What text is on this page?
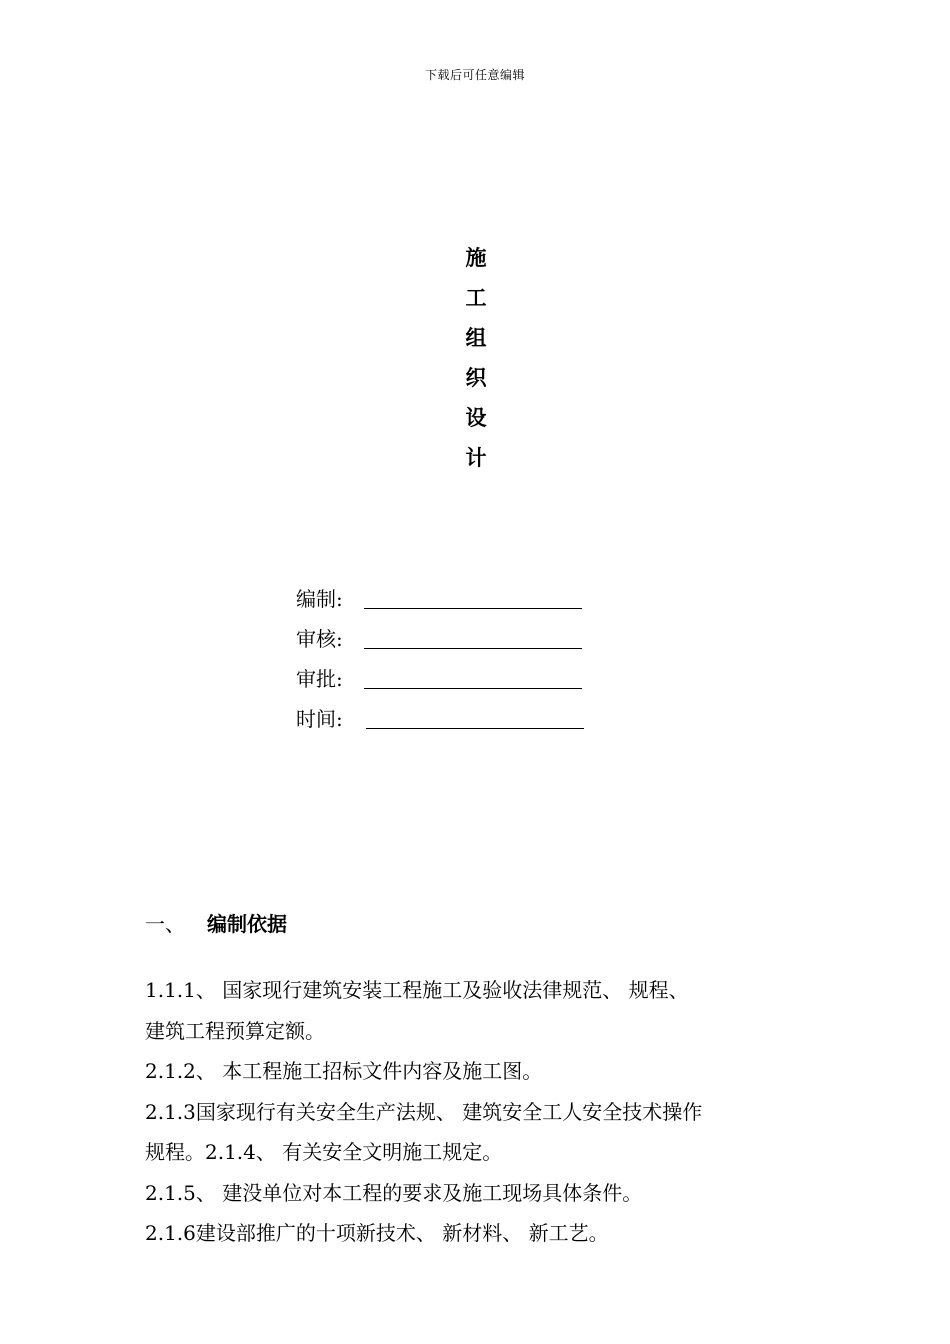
下载后可任意编辑
施
工
组
织
设
计
编制:
审核:
审批:
时间:
一、 编制依据

1.1.1、 国家现行建筑安装工程施工及验收法律规范、 规程、

建筑工程预算定额。

2.1.2、 本工程施工招标文件内容及施工图。

2.1.3国家现行有关安全生产法规、 建筑安全工人安全技术操作

规程。2.1.4、 有关安全文明施工规定。

2.1.5、 建没单位对本工程的要求及施工现场具体条件。

2.1.6建设部推广的十项新技术、 新材料、 新工艺。
